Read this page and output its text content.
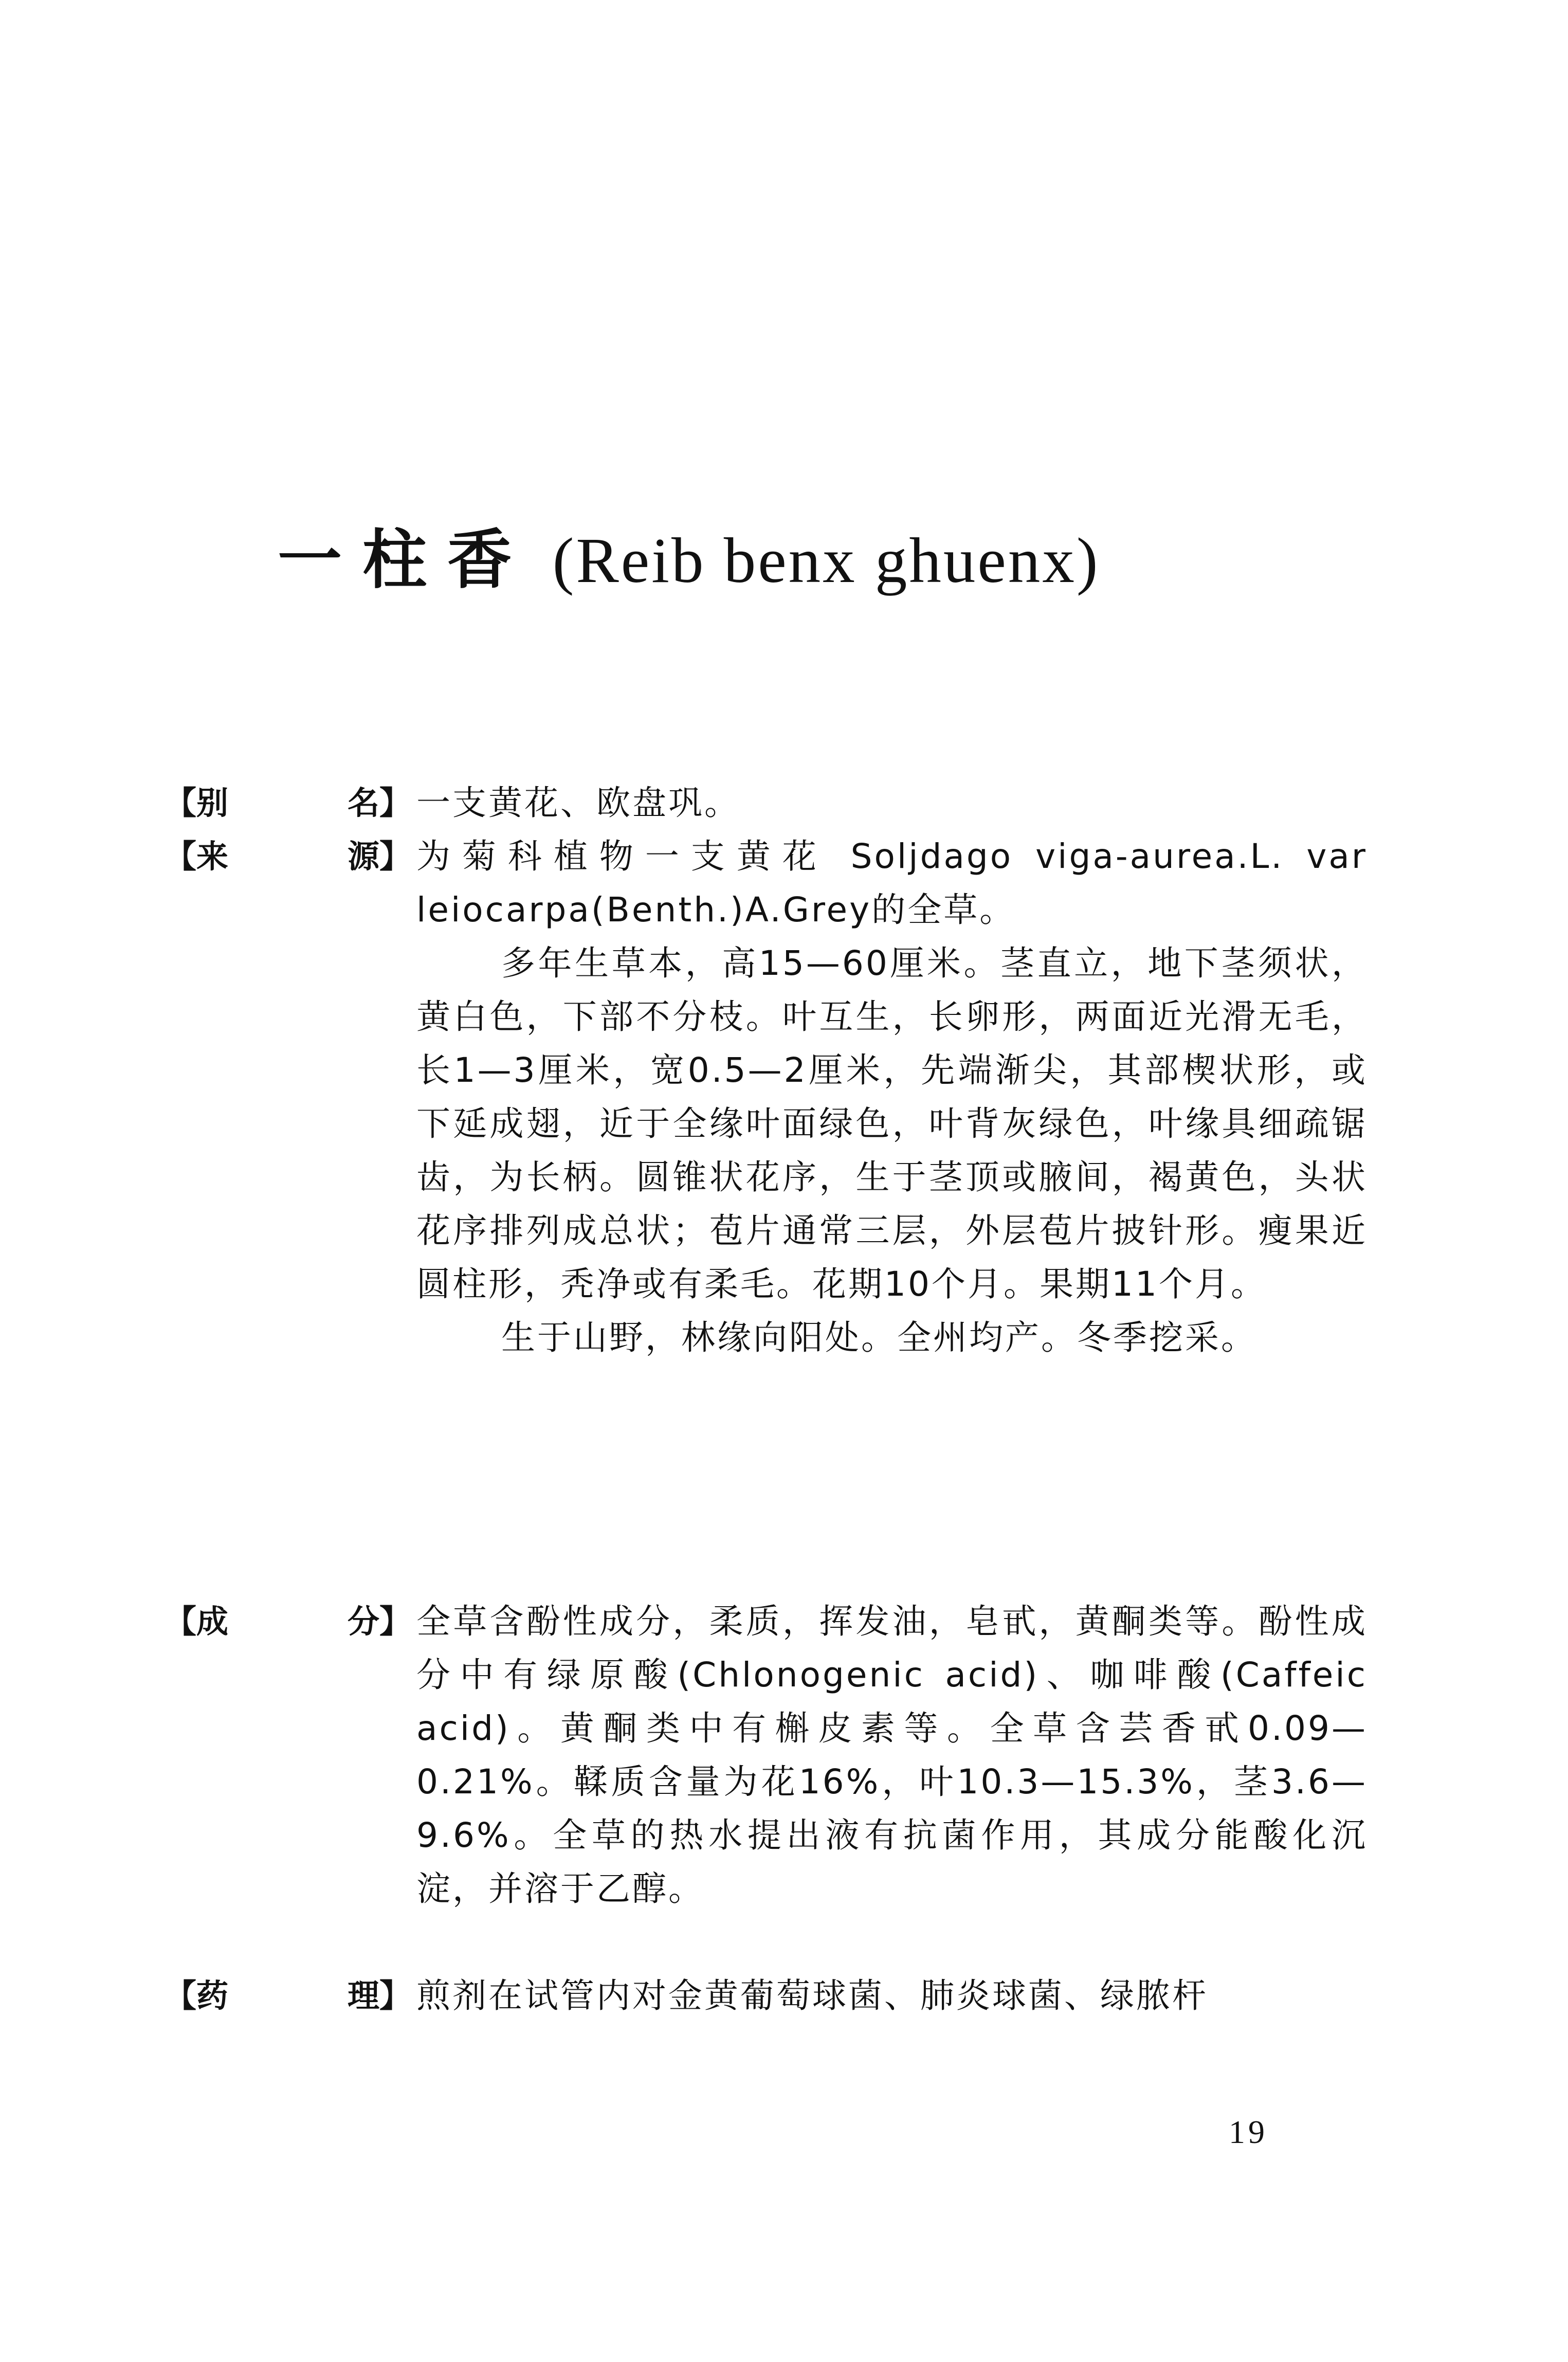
一柱香 (Reib benx ghuenx)
【别	名】 一支黄花、欧盘巩。

【来	源】 为菊科植物一支黄花 Soljdago viga-aurea.L. var leiocarpa(Benth.)A.Grey的全草。

多年生草本，高15—60厘米。茎直立，地下茎须状，黄白色，下部不分枝。叶互生，长卵形，两面近光滑无毛，长1—3厘米，宽0.5—2厘米，先端渐尖，其部楔状形，或下延成翅，近于全缘叶面绿色，叶背灰绿色，叶缘具细疏锯齿，为长柄。圆锥状花序，生于茎顶或腋间，褐黄色，头状花序排列成总状；苞片通常三层，外层苞片披针形。瘦果近圆柱形，秃净或有柔毛。花期10个月。果期11个月。

生于山野，林缘向阳处。全州均产。冬季挖采。

【成	分】 全草含酚性成分，柔质，挥发油，皂甙，黄酮类等。酚性成分中有绿原酸(Chlonogenic acid)、咖啡酸(Caffeic acid)。黄酮类中有槲皮素等。全草含芸香甙0.09—0.21%。鞣质含量为花16%，叶10.3—15.3%，茎3.6—9.6%。全草的热水提出液有抗菌作用，其成分能酸化沉淀，并溶于乙醇。

【药	理】 煎剂在试管内对金黄葡萄球菌、肺炎球菌、绿脓杆

19
